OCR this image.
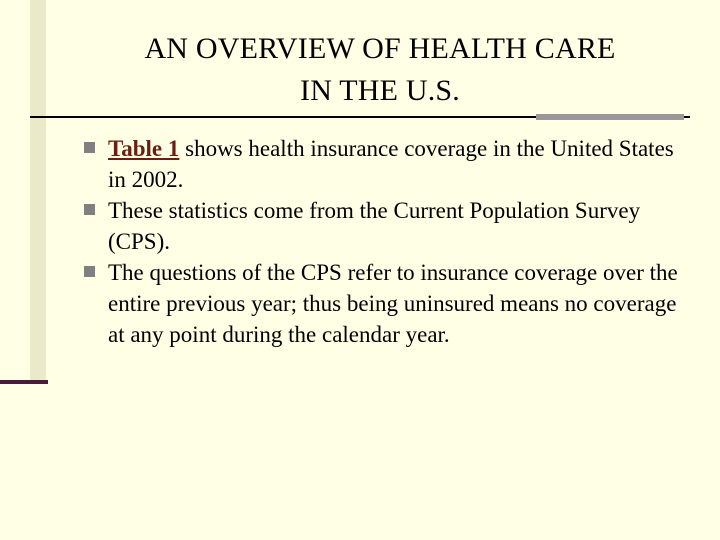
AN OVERVIEW OF HEALTH CARE
IN THE U.S.
Table 1 shows health insurance coverage in the United States in 2002.
These statistics come from the Current Population Survey (CPS).
The questions of the CPS refer to insurance coverage over the entire previous year; thus being uninsured means no coverage at any point during the calendar year.
